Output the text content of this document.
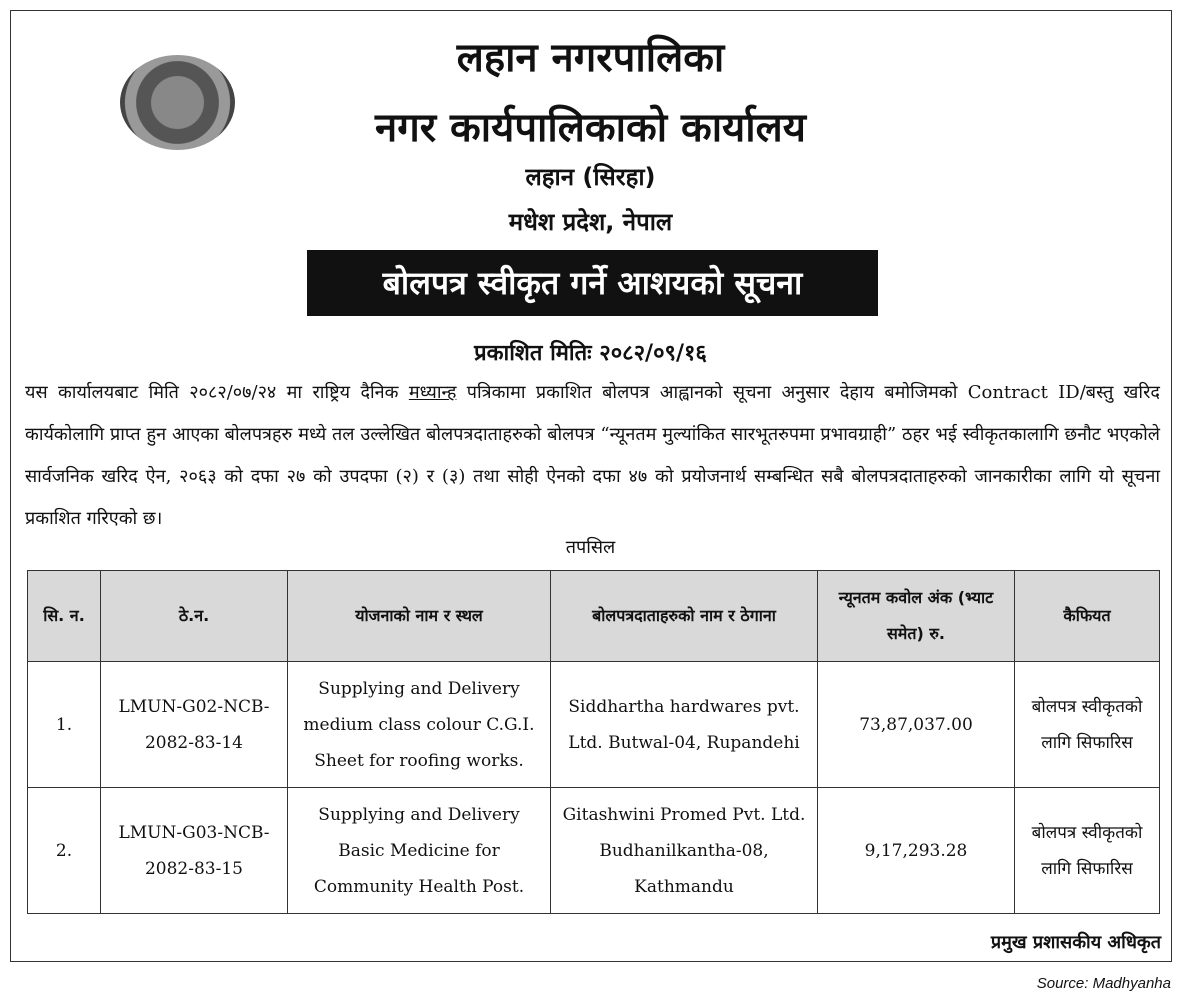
लहान नगरपालिका
नगर कार्यपालिकाको कार्यालय
लहान (सिरहा)
मधेश प्रदेश, नेपाल
बोलपत्र स्वीकृत गर्ने आशयको सूचना
प्रकाशित मितिः २०८२/०९/१६
यस कार्यालयबाट मिति २०८२/०७/२४ मा राष्ट्रिय दैनिक मध्यान्ह पत्रिकामा प्रकाशित बोलपत्र आह्वानको सूचना अनुसार देहाय बमोजिमको Contract ID/बस्तु खरिद कार्यकोलागि प्राप्त हुन आएका बोलपत्रहरु मध्ये तल उल्लेखित बोलपत्रदाताहरुको बोलपत्र “न्यूनतम मुल्यांकित सारभूतरुपमा प्रभावग्राही” ठहर भई स्वीकृतकालागि छनौट भएकोले सार्वजनिक खरिद ऐन, २०६३ को दफा २७ को उपदफा (२) र (३) तथा सोही ऐनको दफा ४७ को प्रयोजनार्थ सम्बन्धित सबै बोलपत्रदाताहरुको जानकारीका लागि यो सूचना प्रकाशित गरिएको छ।
तपसिल
सि. न.	ठे.न.	योजनाको नाम र स्थल	बोलपत्रदाताहरुको नाम र ठेगाना	न्यूनतम कवोल अंक (भ्याट समेत) रु.	कैफियत
1.	LMUN-G02-NCB-2082-83-14	Supplying and Delivery medium class colour C.G.I. Sheet for roofing works.	Siddhartha hardwares pvt. Ltd. Butwal-04, Rupandehi	73,87,037.00	बोलपत्र स्वीकृतको लागि सिफारिस
2.	LMUN-G03-NCB-2082-83-15	Supplying and Delivery Basic Medicine for Community Health Post.	Gitashwini Promed Pvt. Ltd. Budhanilkantha-08, Kathmandu	9,17,293.28	बोलपत्र स्वीकृतको लागि सिफारिस
प्रमुख प्रशासकीय अधिकृत
Source: Madhyanha
